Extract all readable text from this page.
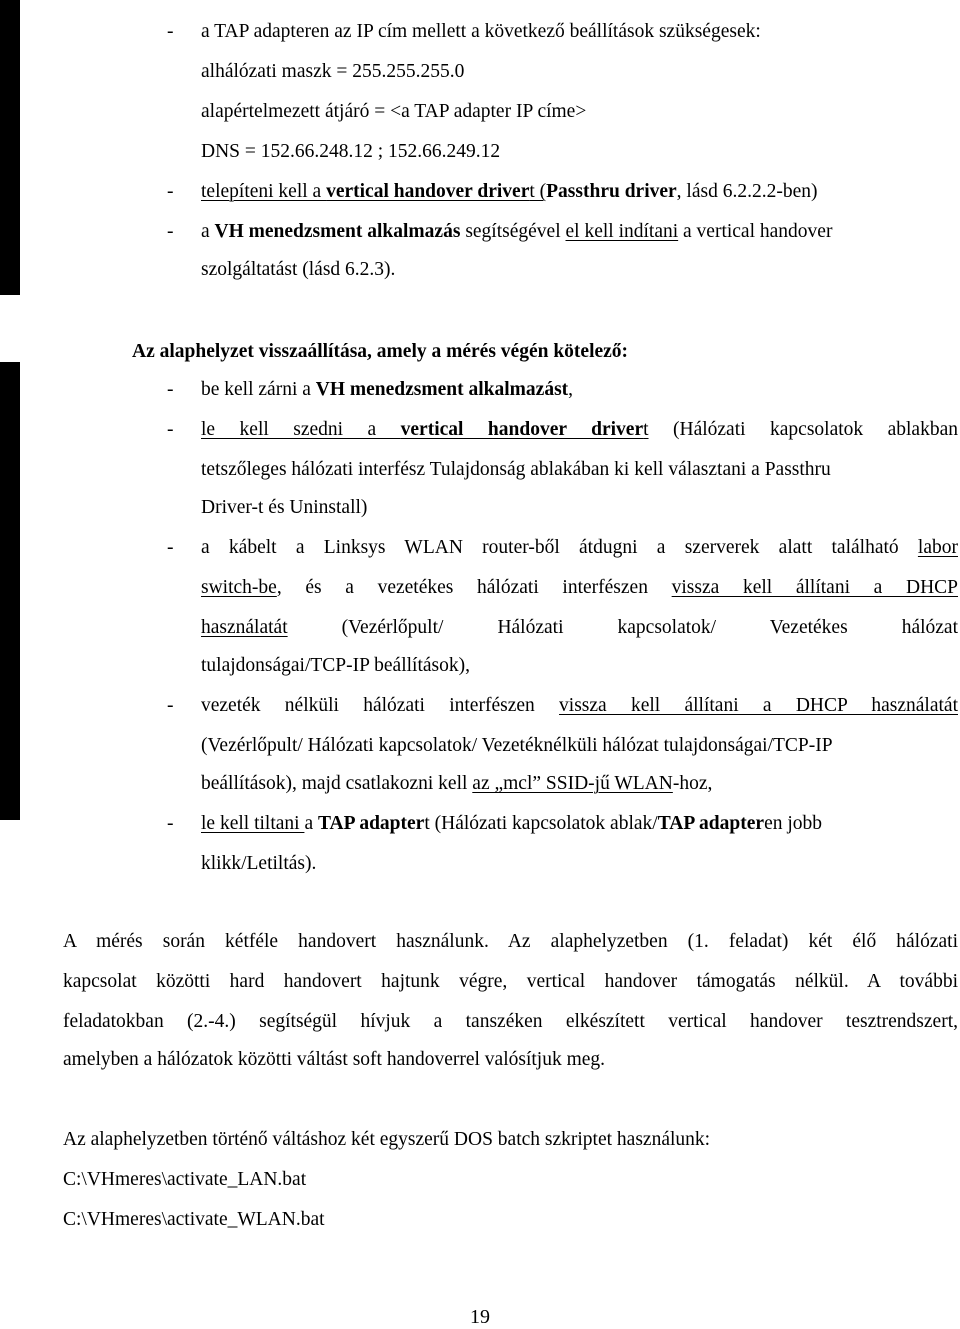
- a TAP adapteren az IP cím mellett a következő beállítások szükségesek:
alhálózati maszk = 255.255.255.0
alapértelmezett átjáró = <a TAP adapter IP címe>
DNS = 152.66.248.12 ; 152.66.249.12
- telepíteni kell a vertical handover drivert (Passthru driver, lásd 6.2.2.2-ben)
- a VH menedzsment alkalmazás segítségével el kell indítani a vertical handover
szolgáltatást (lásd 6.2.3).
Az alaphelyzet visszaállítása, amely a mérés végén kötelező:
- be kell zárni a VH menedzsment alkalmazást,
- le kell szedni a vertical handover drivert (Hálózati kapcsolatok ablakban
tetszőleges hálózati interfész Tulajdonság ablakában ki kell választani a Passthru
Driver-t és Uninstall)
- a kábelt a Linksys WLAN router-ből átdugni a szerverek alatt található labor
switch-be, és a vezetékes hálózati interfészen vissza kell állítani a DHCP
használatát (Vezérlőpult/ Hálózati kapcsolatok/ Vezetékes hálózat
tulajdonságai/TCP-IP beállítások),
- vezeték nélküli hálózati interfészen vissza kell állítani a DHCP használatát
(Vezérlőpult/ Hálózati kapcsolatok/ Vezetéknélküli hálózat tulajdonságai/TCP-IP
beállítások), majd csatlakozni kell az „mcl” SSID-jű WLAN-hoz,
- le kell tiltani a TAP adaptert (Hálózati kapcsolatok ablak/TAP adapteren jobb
klikk/Letiltás).
A mérés során kétféle handovert használunk. Az alaphelyzetben (1. feladat) két élő hálózati
kapcsolat közötti hard handovert hajtunk végre, vertical handover támogatás nélkül. A további
feladatokban (2.-4.) segítségül hívjuk a tanszéken elkészített vertical handover tesztrendszert,
amelyben a hálózatok közötti váltást soft handoverrel valósítjuk meg.
Az alaphelyzetben történő váltáshoz két egyszerű DOS batch szkriptet használunk:
C:\VHmeres\activate_LAN.bat
C:\VHmeres\activate_WLAN.bat
19
